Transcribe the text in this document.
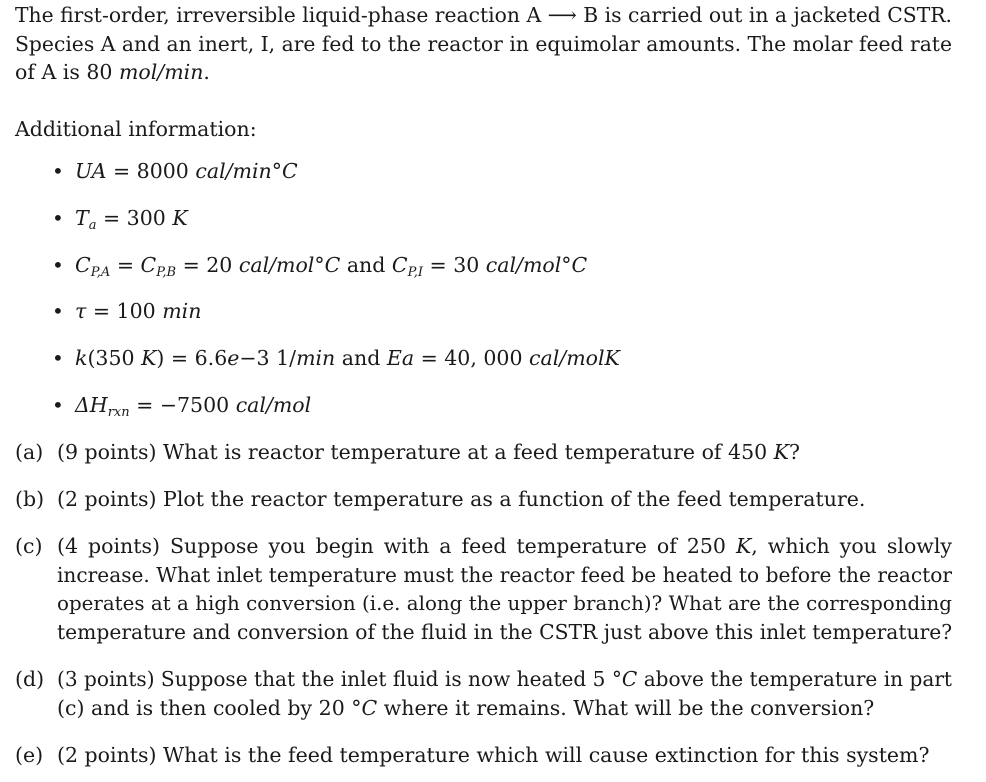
The first-order, irreversible liquid-phase reaction A ⟶ B is carried out in a jacketed CSTR.
Species A and an inert, I, are fed to the reactor in equimolar amounts. The molar feed rate
of A is 80 mol/min.
Additional information:
• UA = 8000 cal/min°C
• $T_a = 300$ K
• $C_{P,A} = C_{P,B} = 20$ cal/mol°C and $C_{P,I} = 30$ cal/mol°C
• τ = 100 min
• k(350 K) = 6.6e−3 1/min and Ea = 40, 000 cal/molK
• $\Delta H_{rxn} = -7500$ cal/mol
(a) (9 points) What is reactor temperature at a feed temperature of 450 K?
(b) (2 points) Plot the reactor temperature as a function of the feed temperature.
(c) (4 points) Suppose you begin with a feed temperature of 250 K, which you slowly
increase. What inlet temperature must the reactor feed be heated to before the reactor
operates at a high conversion (i.e. along the upper branch)? What are the corresponding
temperature and conversion of the fluid in the CSTR just above this inlet temperature?
(d) (3 points) Suppose that the inlet fluid is now heated 5 °C above the temperature in part
(c) and is then cooled by 20 °C where it remains. What will be the conversion?
(e) (2 points) What is the feed temperature which will cause extinction for this system?
